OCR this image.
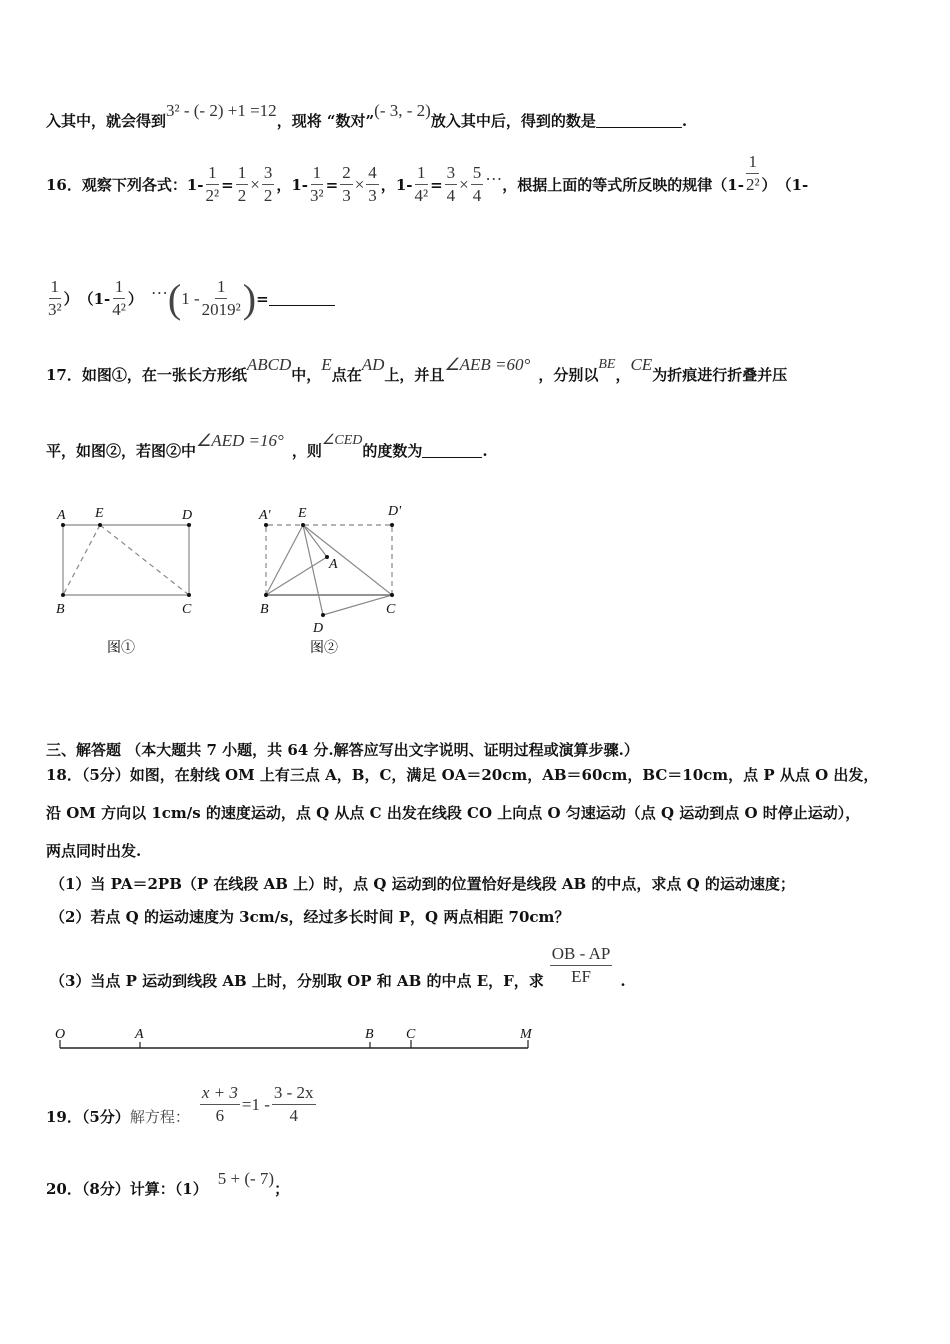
入其中，就会得到
3² - (- 2) +1 =12
，现将 “数对”
(- 3, - 2)
放入其中后，得到的数是	.
16．观察下列各式： $1- \frac{1}{\text{2²}} = \frac{1}{2} \times \frac{3}{2}$ ， $1- \frac{1}{\text{3²}} = \frac{2}{3} \times \frac{4}{3}$ ， $1- \frac{1}{\text{4²}} = \frac{3}{4} \times \frac{5}{4}$ …
，根据上面的等式所反映的规律（$1- \frac{1}{\text{2²}}$ ） （1-
$\frac{1}{\text{3²}}$ ） （$1- \frac{1}{\text{4²}}$ ）
… ( $1 - \frac{1}{\text{2019²}}$ ) =
17．如图①，在一张长方形纸
ABCD
中，
E
点在
AD
上，并且
∠AEB =60°
，分别以
BE
，
CE
为折痕进行折叠并压
平，如图②，若图②中
∠AED =16°
，则
∠CED
的度数为	.
A E	D
B	C
图①
A' E	D'
A
B	C
D
图②
三、解答题 （本大题共 7 小题，共 64 分.解答应写出文字说明、证明过程或演算步骤.）
18．（5分）如图，在射线 OM 上有三点 A，B，C，满足 OA＝20cm，AB＝60cm，BC＝10cm，点 P 从点 O 出发，
沿 OM 方向以 1cm/s 的速度运动，点 Q 从点 C 出发在线段 CO 上向点 O 匀速运动（点 Q 运动到点 O 时停止运动），
两点同时出发.
（1）当 PA＝2PB（P 在线段 AB 上）时，点 Q 运动到的位置恰好是线段 AB 的中点，求点 Q 的运动速度；
（2）若点 Q 的运动速度为 3cm/s，经过多长时间 P，Q 两点相距 70cm？
（3）当点 P 运动到线段 AB 上时，分别取 OP 和 AB 的中点 E，F，求 $\frac{OB - AP}{EF}$ .
O	A	B C	M
19．（5分） 解方程： $\frac{x + 3}{6} =1 - \frac{3 - 2x}{4}$
20．（8分）计算：（1）
5 + (- 7)
；
